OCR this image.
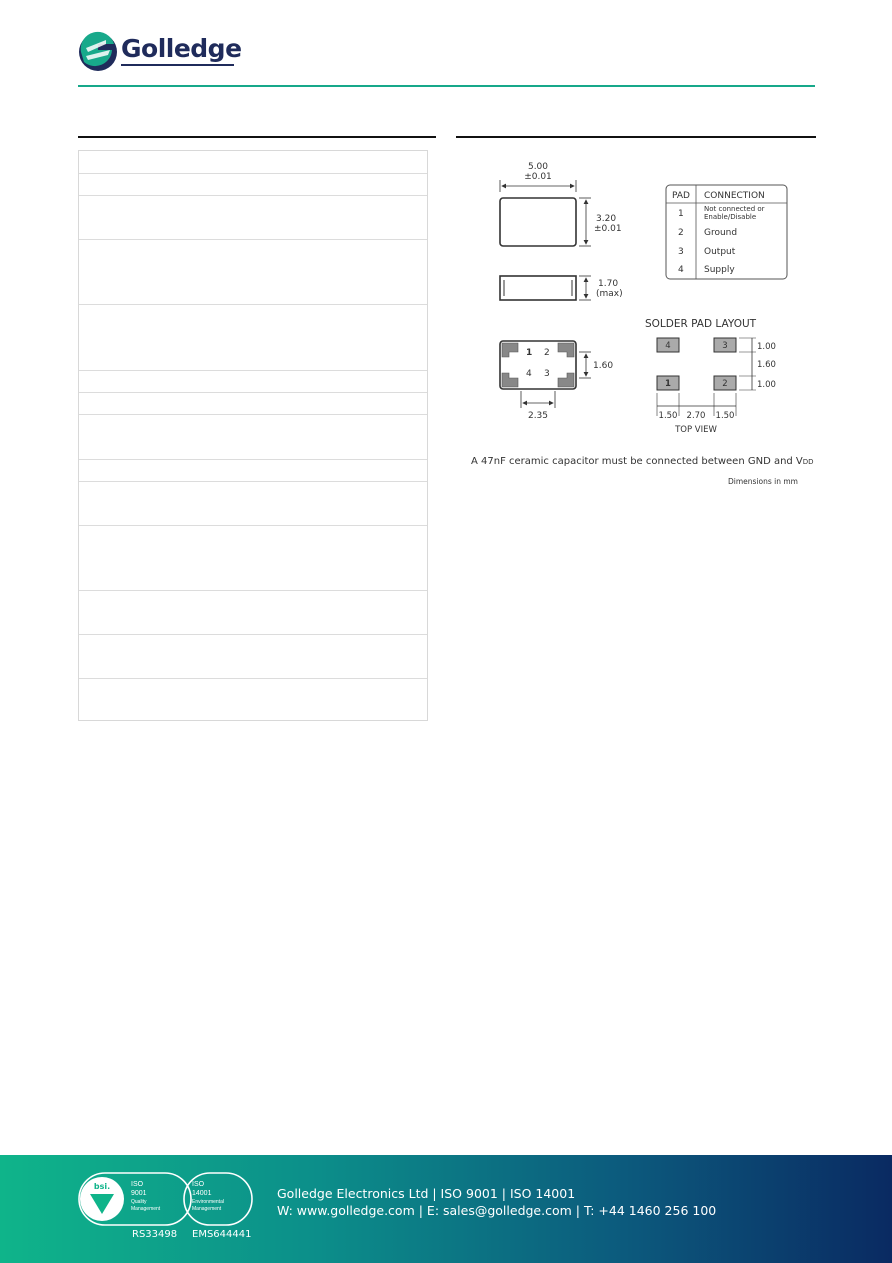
Golledge
5.00
±0.01
3.20
±0.01
1.70
(max)
1 2
4 3
1.60
2.35
PAD CONNECTION
1	Not connected or
Enable/Disable
2 Ground
3 Output
4 Supply
SOLDER PAD LAYOUT
4	3
1	2
1.00
1.60
1.00
1.50 2.70 1.50
TOP VIEW
A 47nF ceramic capacitor must be connected between GND and VDD
Dimensions in mm
bsi.	ISO
9001
Quality
Management
ISO
14001
Environmental
Management
RS33498 EMS644441
Golledge Electronics Ltd | ISO 9001 | ISO 14001
W: www.golledge.com | E: sales@golledge.com | T: +44 1460 256 100
